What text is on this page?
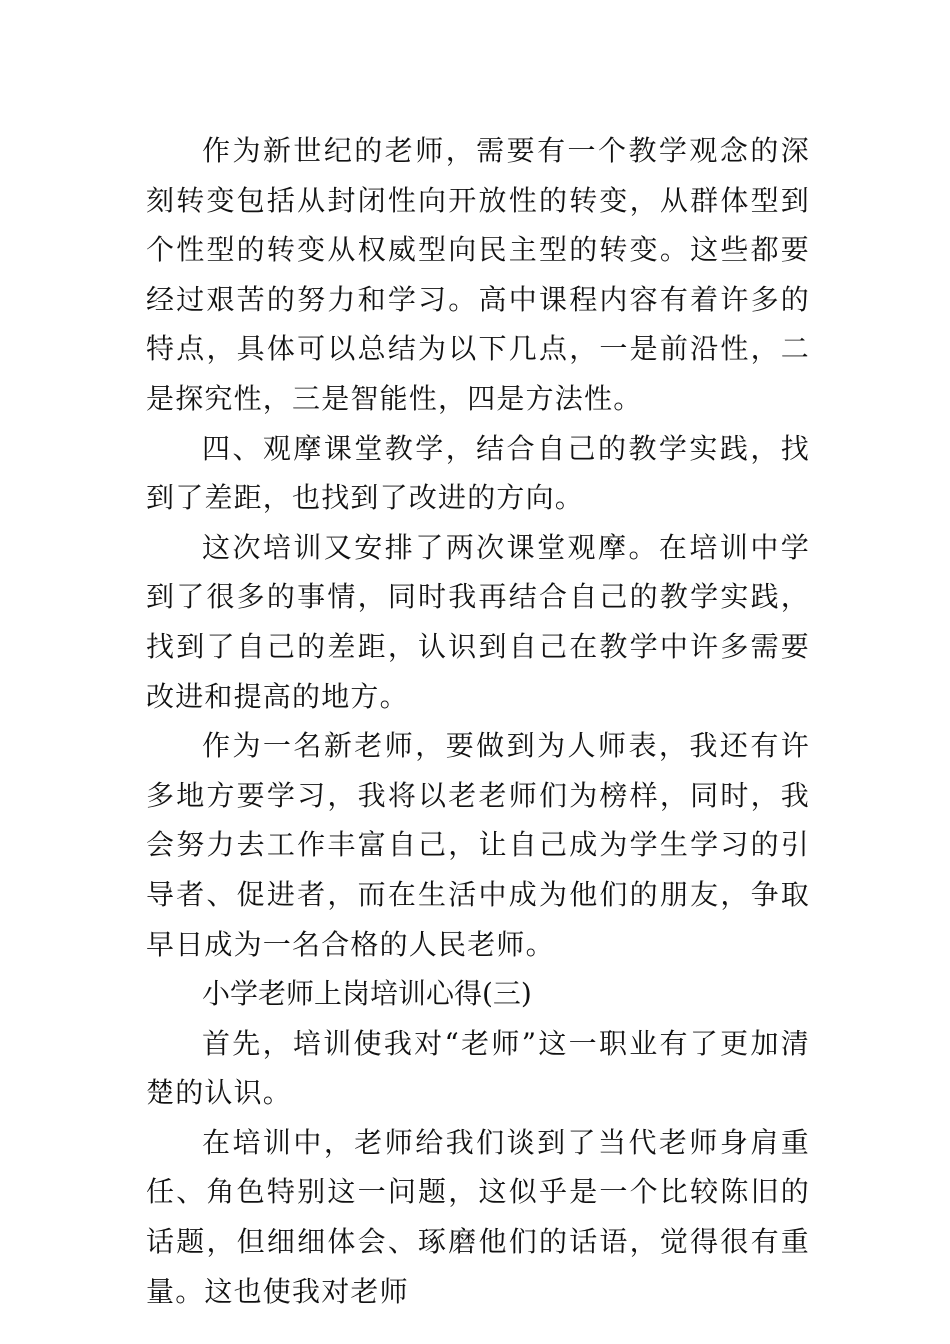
作为新世纪的老师，需要有一个教学观念的深刻转变包括从封闭性向开放性的转变，从群体型到个性型的转变从权威型向民主型的转变。这些都要经过艰苦的努力和学习。高中课程内容有着许多的特点，具体可以总结为以下几点，一是前沿性，二是探究性，三是智能性，四是方法性。

四、观摩课堂教学，结合自己的教学实践，找到了差距，也找到了改进的方向。

这次培训又安排了两次课堂观摩。在培训中学到了很多的事情，同时我再结合自己的教学实践，找到了自己的差距，认识到自己在教学中许多需要改进和提高的地方。

作为一名新老师，要做到为人师表，我还有许多地方要学习，我将以老老师们为榜样，同时，我会努力去工作丰富自己，让自己成为学生学习的引导者、促进者，而在生活中成为他们的朋友，争取早日成为一名合格的人民老师。

小学老师上岗培训心得(三)

首先，培训使我对“老师”这一职业有了更加清楚的认识。

在培训中，老师给我们谈到了当代老师身肩重任、角色特别这一问题，这似乎是一个比较陈旧的话题，但细细体会、琢磨他们的话语，觉得很有重量。这也使我对老师
